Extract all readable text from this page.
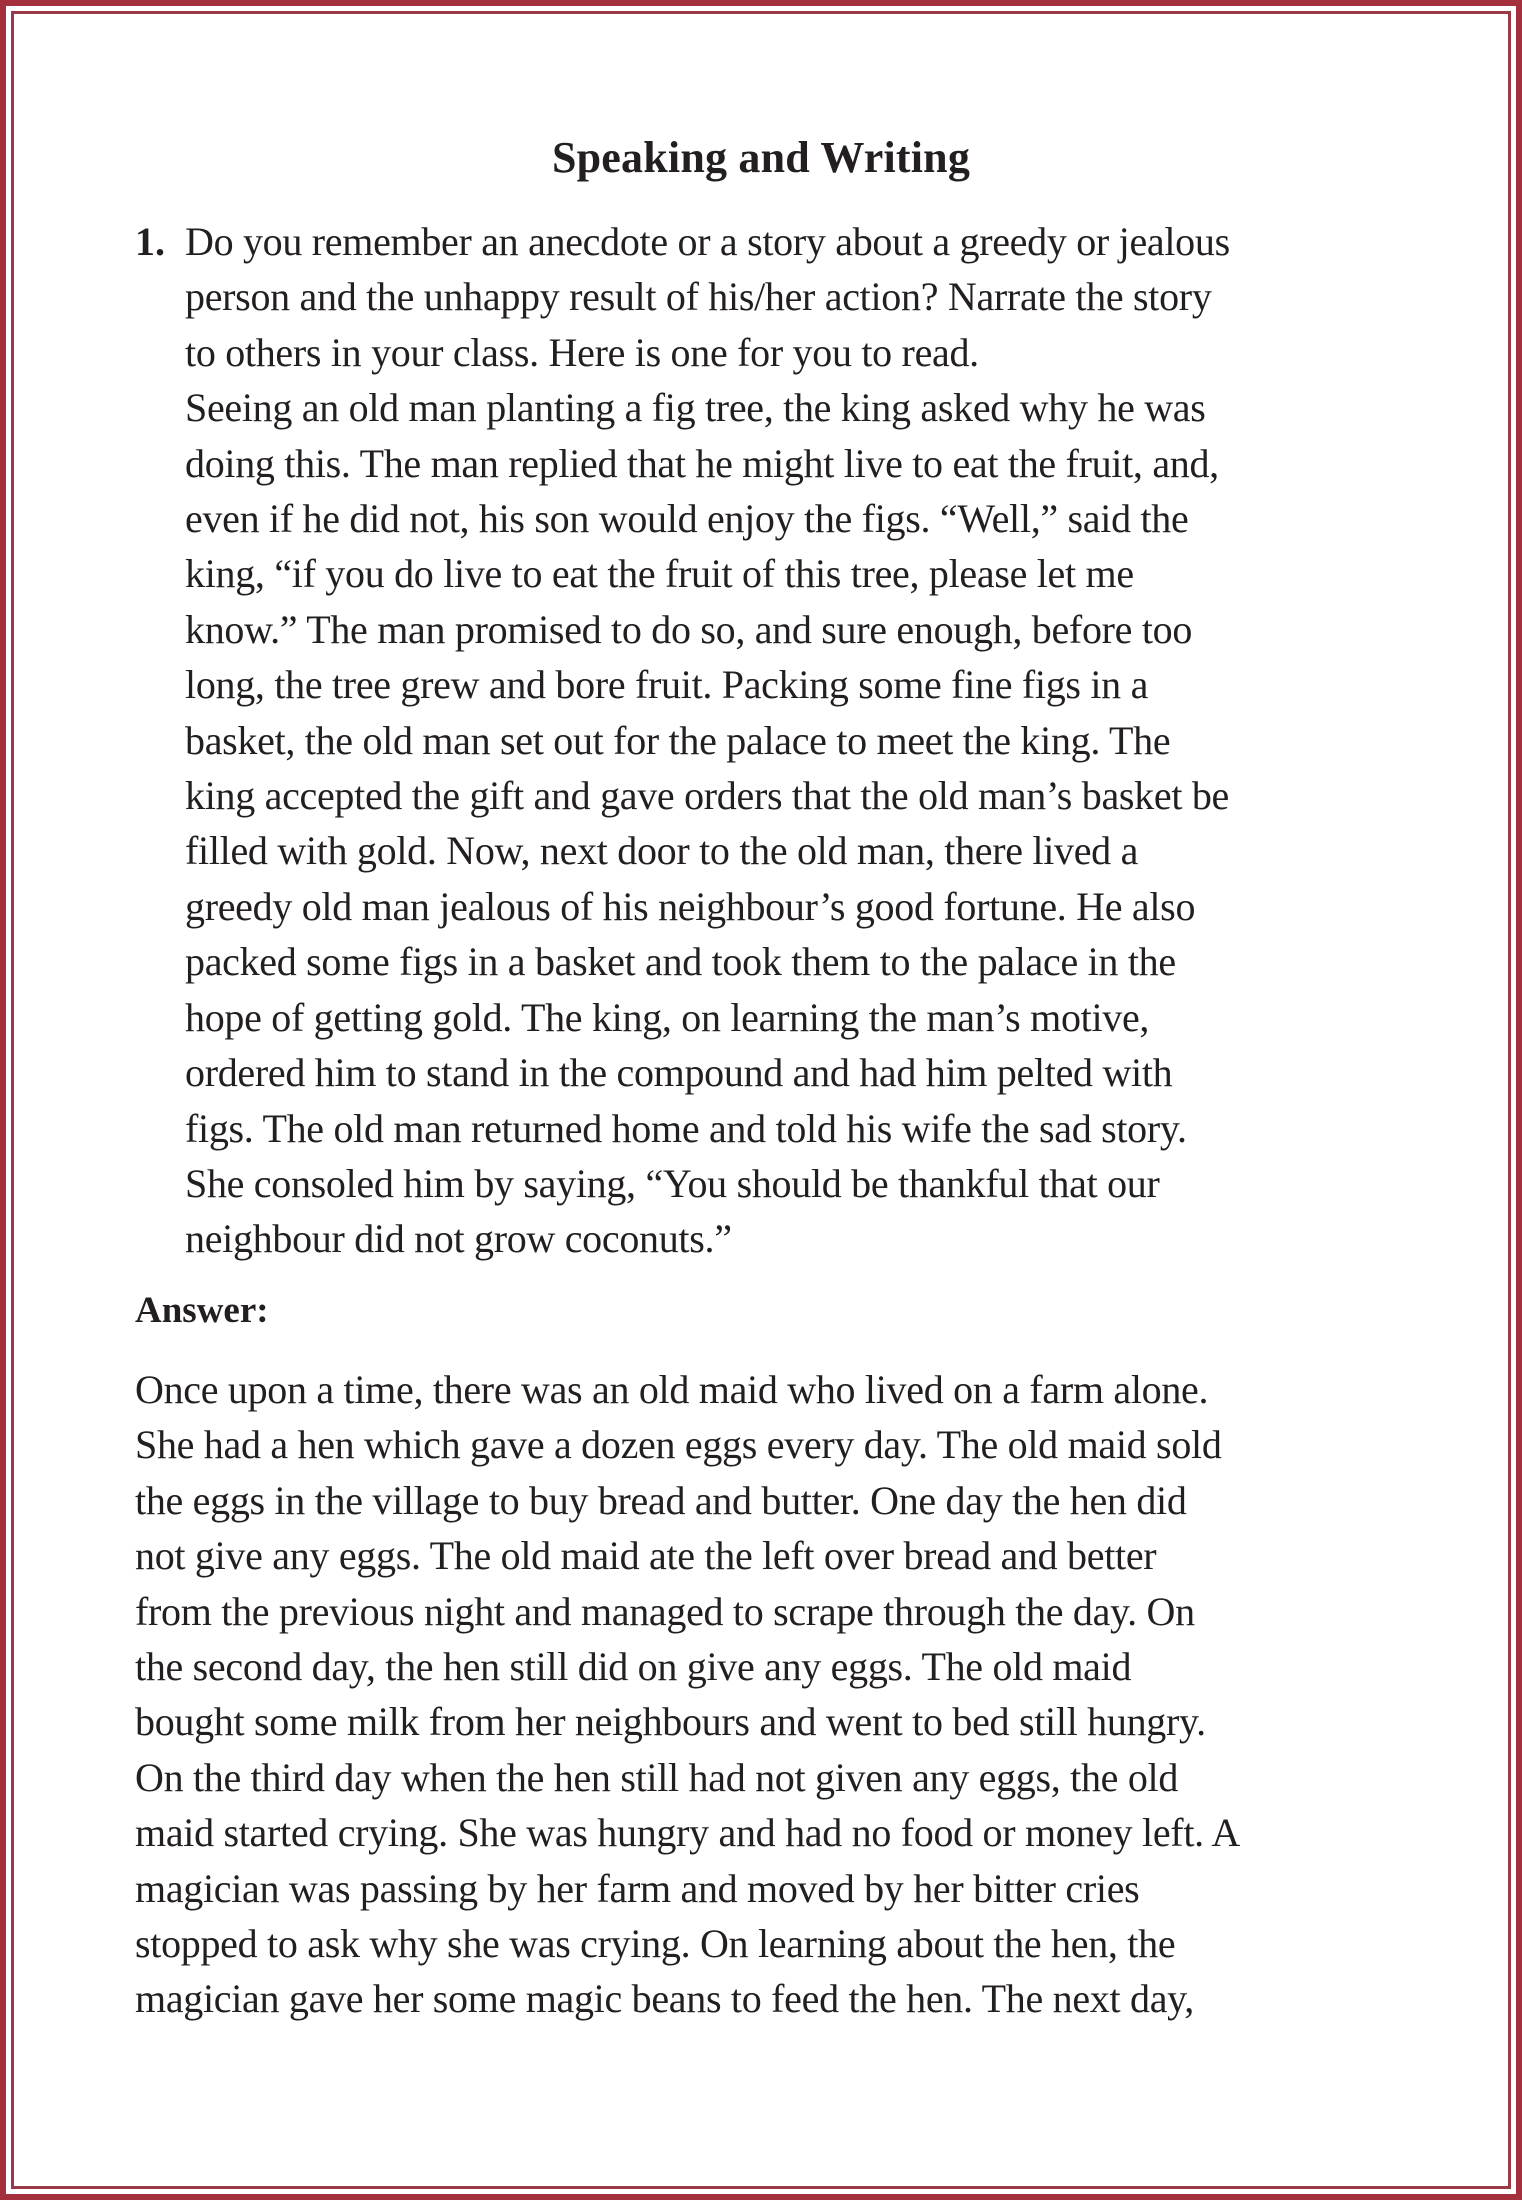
Speaking and Writing
1. Do you remember an anecdote or a story about a greedy or jealous
person and the unhappy result of his/her action? Narrate the story
to others in your class. Here is one for you to read.
Seeing an old man planting a fig tree, the king asked why he was
doing this. The man replied that he might live to eat the fruit, and,
even if he did not, his son would enjoy the figs. “Well,” said the
king, “if you do live to eat the fruit of this tree, please let me
know.” The man promised to do so, and sure enough, before too
long, the tree grew and bore fruit. Packing some fine figs in a
basket, the old man set out for the palace to meet the king. The
king accepted the gift and gave orders that the old man’s basket be
filled with gold. Now, next door to the old man, there lived a
greedy old man jealous of his neighbour’s good fortune. He also
packed some figs in a basket and took them to the palace in the
hope of getting gold. The king, on learning the man’s motive,
ordered him to stand in the compound and had him pelted with
figs. The old man returned home and told his wife the sad story.
She consoled him by saying, “You should be thankful that our
neighbour did not grow coconuts.”
Answer:
Once upon a time, there was an old maid who lived on a farm alone.
She had a hen which gave a dozen eggs every day. The old maid sold
the eggs in the village to buy bread and butter. One day the hen did
not give any eggs. The old maid ate the left over bread and better
from the previous night and managed to scrape through the day. On
the second day, the hen still did on give any eggs. The old maid
bought some milk from her neighbours and went to bed still hungry.
On the third day when the hen still had not given any eggs, the old
maid started crying. She was hungry and had no food or money left. A
magician was passing by her farm and moved by her bitter cries
stopped to ask why she was crying. On learning about the hen, the
magician gave her some magic beans to feed the hen. The next day,
